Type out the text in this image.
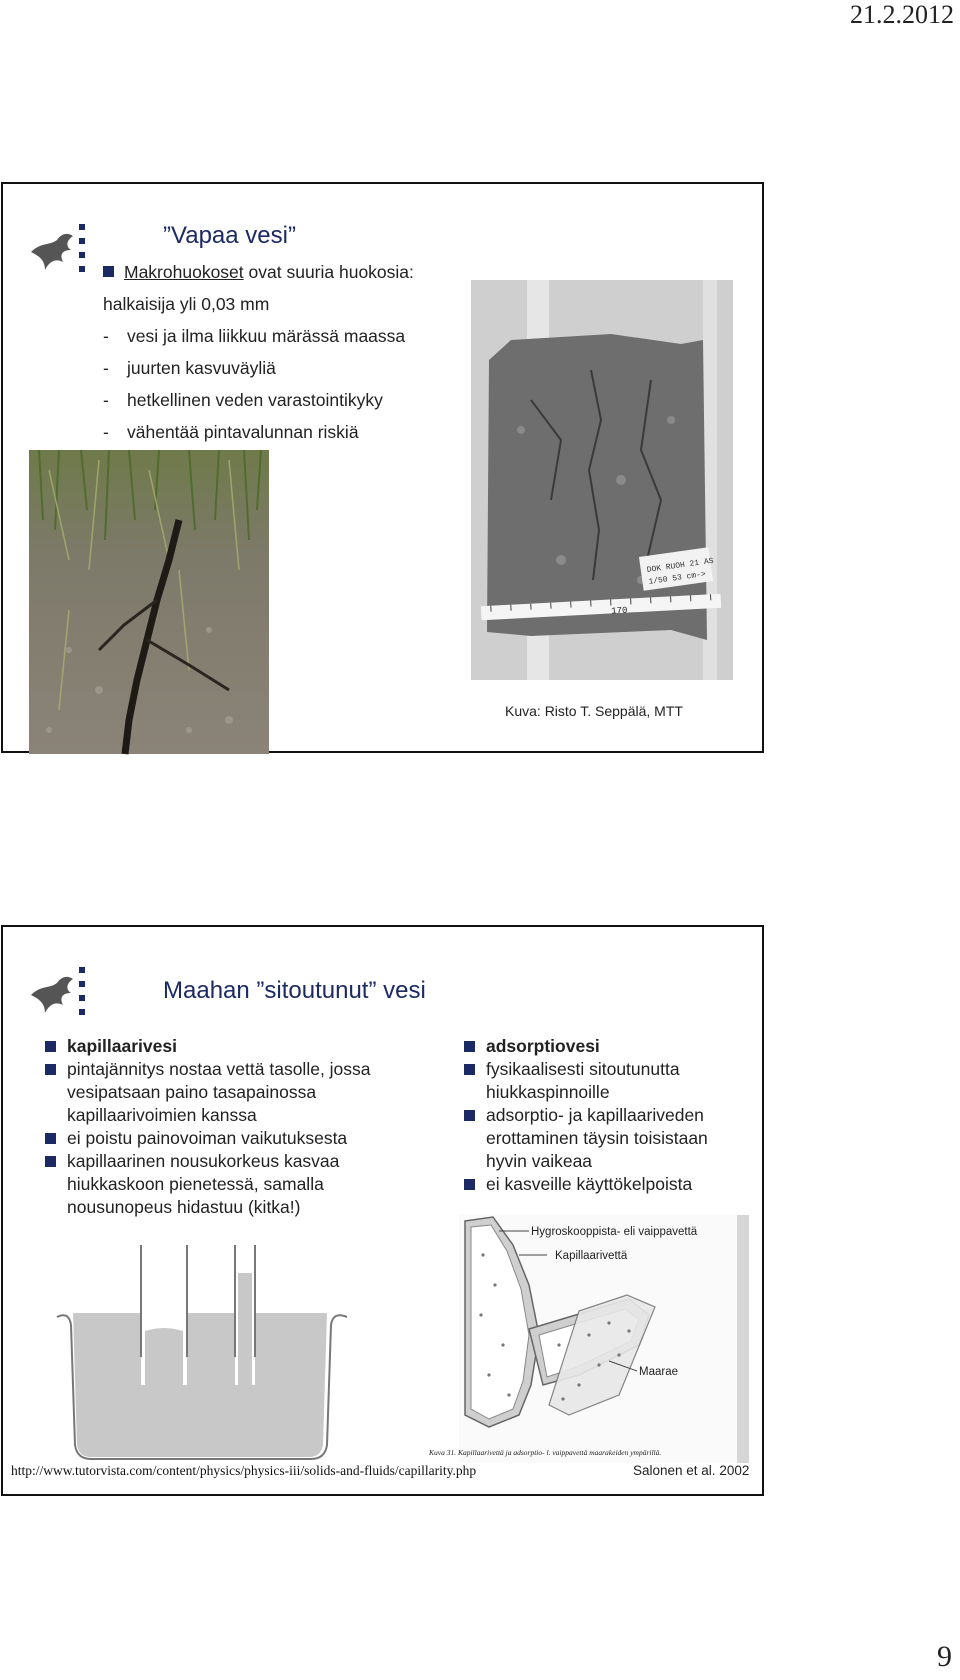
21.2.2012
”Vapaa vesi”
Makrohuokoset ovat suuria huokosia:
halkaisija yli 0,03 mm
- vesi ja ilma liikkuu märässä maassa
- juurten kasvuväyliä
- hetkellinen veden varastointikyky
- vähentää pintavalunnan riskiä
DOK RUOH 21 AS
1/50 53 cm->
170
Kuva: Risto T. Seppälä, MTT
Maahan ”sitoutunut” vesi
kapillaarivesi
pintajännitys nostaa vettä tasolle, jossa vesipatsaan paino tasapainossa kapillaarivoimien kanssa
ei poistu painovoiman vaikutuksesta
kapillaarinen nousukorkeus kasvaa hiukkaskoon pienetessä, samalla nousunopeus hidastuu (kitka!)
adsorptiovesi
fysikaalisesti sitoutunutta hiukkaspinnoille
adsorptio- ja kapillaariveden erottaminen täysin toisistaan hyvin vaikeaa
ei kasveille käyttökelpoista
Hygroskooppista- eli vaippavettä
Kapillaarivettä
Maarae
Kuva 31. Kapillaarivettä ja adsorptio- l. vaippavettä maarakeiden ympärillä.
http://www.tutorvista.com/content/physics/physics-iii/solids-and-fluids/capillarity.php	Salonen et al. 2002
9
